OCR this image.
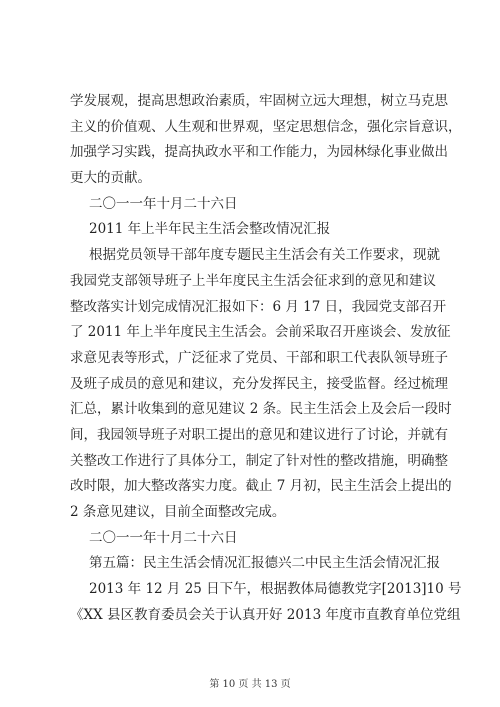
学发展观，提高思想政治素质，牢固树立远大理想，树立马克思
主义的价值观、人生观和世界观，坚定思想信念，强化宗旨意识，
加强学习实践，提高执政水平和工作能力，为园林绿化事业做出
更大的贡献。
二〇一一年十月二十六日
2011 年上半年民主生活会整改情况汇报
根据党员领导干部年度专题民主生活会有关工作要求，现就
我园党支部领导班子上半年度民主生活会征求到的意见和建议
整改落实计划完成情况汇报如下：6 月 17 日，我园党支部召开
了 2011 年上半年度民主生活会。会前采取召开座谈会、发放征
求意见表等形式，广泛征求了党员、干部和职工代表队领导班子
及班子成员的意见和建议，充分发挥民主，接受监督。经过梳理
汇总，累计收集到的意见建议 2 条。民主生活会上及会后一段时
间，我园领导班子对职工提出的意见和建议进行了讨论，并就有
关整改工作进行了具体分工，制定了针对性的整改措施，明确整
改时限，加大整改落实力度。截止 7 月初，民主生活会上提出的
2 条意见建议，目前全面整改完成。
二〇一一年十月二十六日
第五篇：民主生活会情况汇报德兴二中民主生活会情况汇报
2013 年 12 月 25 日下午，根据教体局德教党字[2013]10 号
《XX 县区教育委员会关于认真开好 2013 年度市直教育单位党组
第 10 页 共 13 页
